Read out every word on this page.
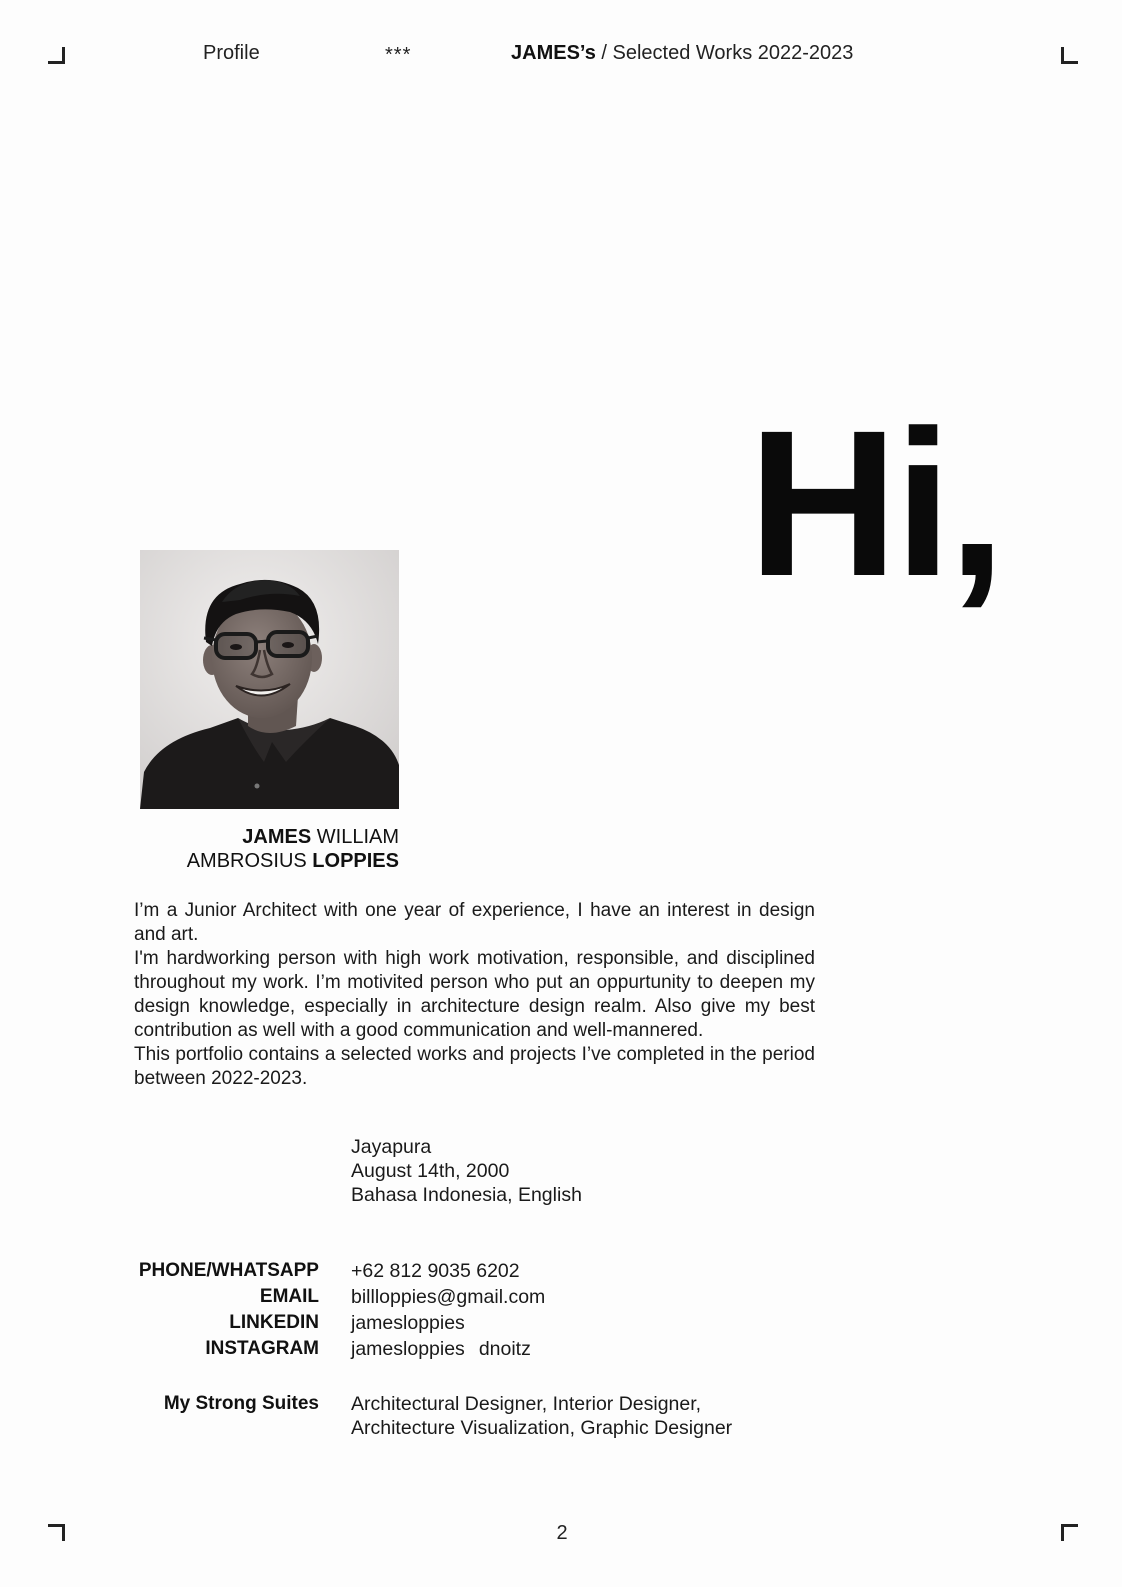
Profile	***	JAMES’s / Selected Works 2022-2023
Hi,
JAMES WILLIAM
AMBROSIUS LOPPIES

I’m a Junior Architect with one year of experience, I have an interest in design and art.

I'm hardworking person with high work motivation, responsible, and disciplined throughout my work. I’m motivited person who put an oppurtunity to deepen my design knowledge, especially in architecture design realm. Also give my best contribution as well with a good communication and well-mannered.

This portfolio contains a selected works and projects I’ve completed in the period between 2022-2023.

Jayapura
August 14th, 2000
Bahasa Indonesia, English
PHONE/WHATSAPP
EMAIL
LINKEDIN
INSTAGRAM
+62 812 9035 6202
billloppies@gmail.com
jamesloppies
jamesloppies dnoitz
My Strong Suites Architectural Designer, Interior Designer,
Architecture Visualization, Graphic Designer
2
